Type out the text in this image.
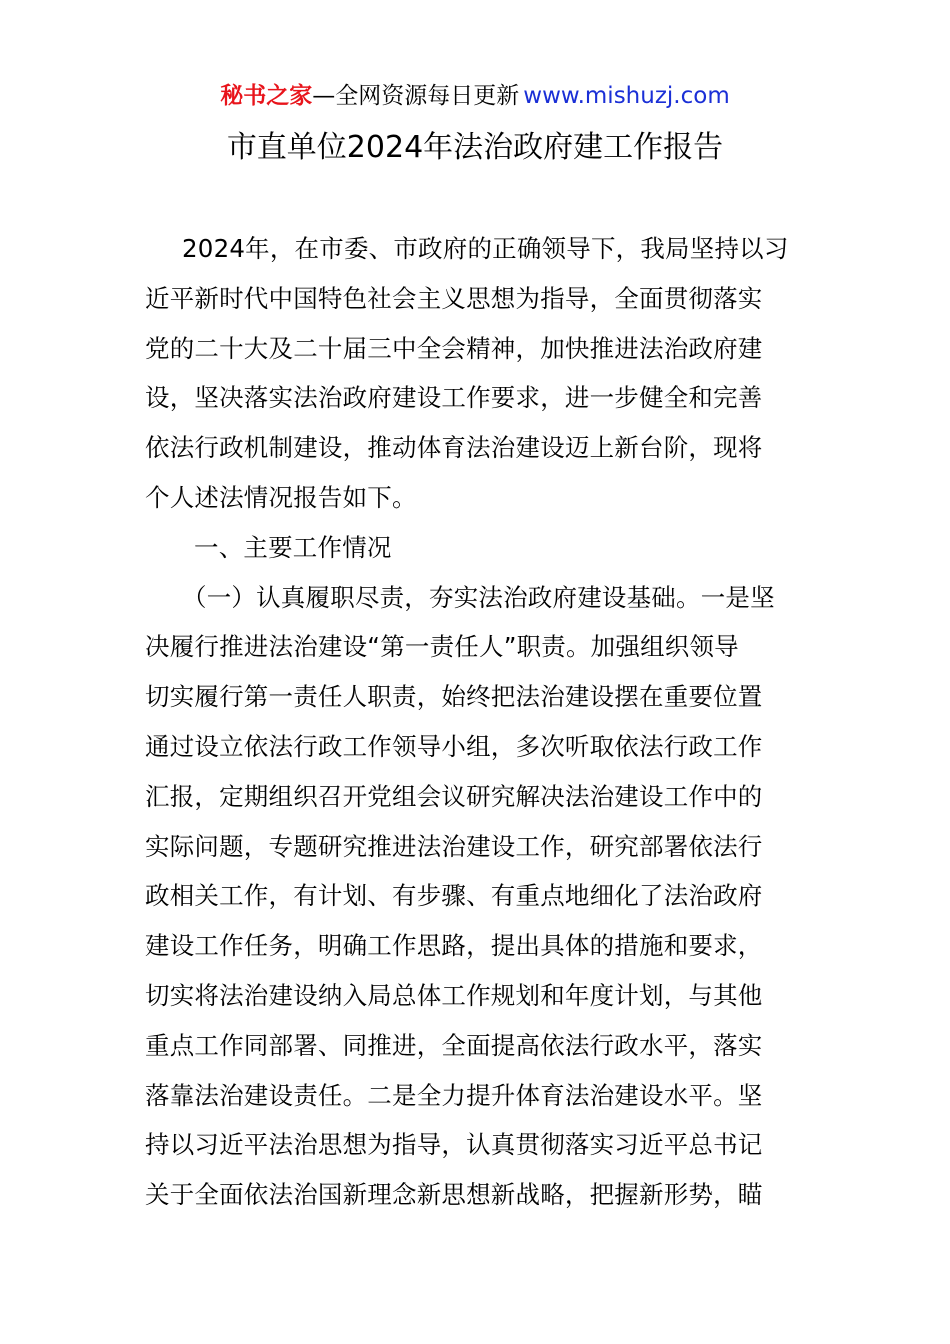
秘书之家—全网资源每日更新 www.mishuzj.com
市直单位2024年法治政府建工作报告
2024年，在市委、市政府的正确领导下，我局坚持以习
近平新时代中国特色社会主义思想为指导，全面贯彻落实
党的二十大及二十届三中全会精神，加快推进法治政府建
设，坚决落实法治政府建设工作要求，进一步健全和完善
依法行政机制建设，推动体育法治建设迈上新台阶，现将
个人述法情况报告如下。
一、主要工作情况
（一）认真履职尽责，夯实法治政府建设基础。一是坚
决履行推进法治建设“第一责任人”职责。加强组织领导
切实履行第一责任人职责，始终把法治建设摆在重要位置
通过设立依法行政工作领导小组，多次听取依法行政工作
汇报，定期组织召开党组会议研究解决法治建设工作中的
实际问题，专题研究推进法治建设工作，研究部署依法行
政相关工作，有计划、有步骤、有重点地细化了法治政府
建设工作任务，明确工作思路，提出具体的措施和要求，
切实将法治建设纳入局总体工作规划和年度计划，与其他
重点工作同部署、同推进，全面提高依法行政水平，落实
落靠法治建设责任。二是全力提升体育法治建设水平。坚
持以习近平法治思想为指导，认真贯彻落实习近平总书记
关于全面依法治国新理念新思想新战略，把握新形势，瞄
